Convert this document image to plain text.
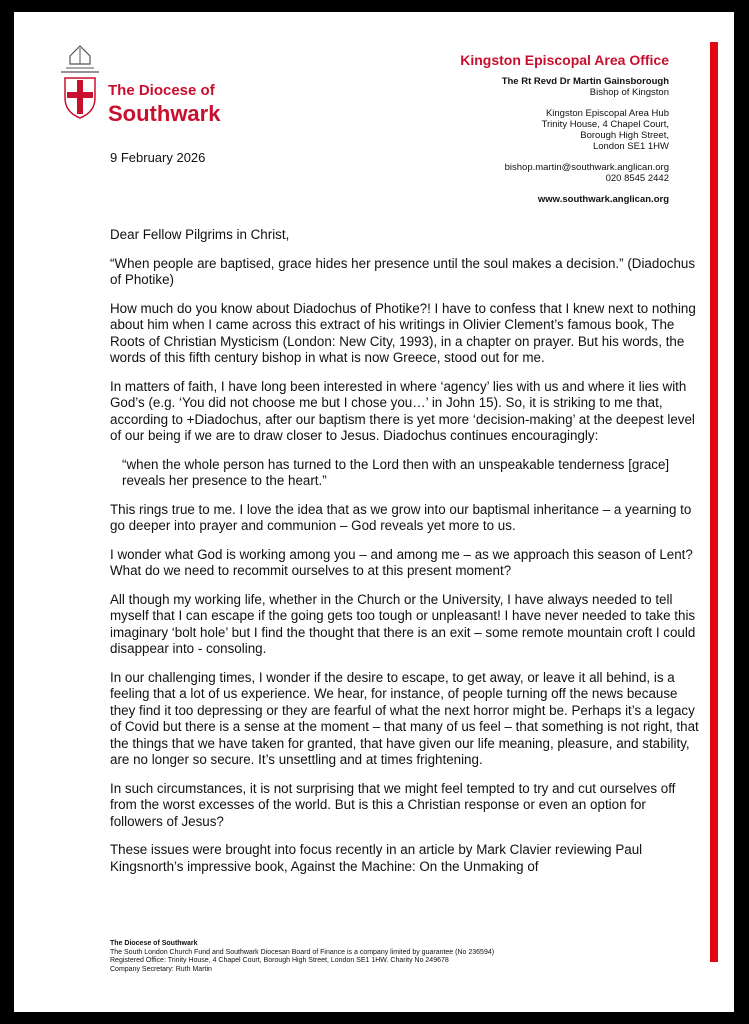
The Diocese of
Southwark
Kingston Episcopal Area Office
The Rt Revd Dr Martin Gainsborough
Bishop of Kingston
Kingston Episcopal Area Hub
Trinity House, 4 Chapel Court,
Borough High Street,
London SE1 1HW
bishop.martin@southwark.anglican.org
020 8545 2442
www.southwark.anglican.org
9 February 2026

Dear Fellow Pilgrims in Christ,

“When people are baptised, grace hides her presence until the soul makes a decision.” (Diadochus of Photike)

How much do you know about Diadochus of Photike?! I have to confess that I knew next to nothing about him when I came across this extract of his writings in Olivier Clement’s famous book, The Roots of Christian Mysticism (London: New City, 1993), in a chapter on prayer. But his words, the words of this fifth century bishop in what is now Greece, stood out for me.

In matters of faith, I have long been interested in where ‘agency’ lies with us and where it lies with God’s (e.g. ‘You did not choose me but I chose you…’ in John 15). So, it is striking to me that, according to +Diadochus, after our baptism there is yet more ‘decision-making’ at the deepest level of our being if we are to draw closer to Jesus. Diadochus continues encouragingly:

“when the whole person has turned to the Lord then with an unspeakable tenderness [grace] reveals her presence to the heart.”

This rings true to me. I love the idea that as we grow into our baptismal inheritance – a yearning to go deeper into prayer and communion – God reveals yet more to us.

I wonder what God is working among you – and among me – as we approach this season of Lent? What do we need to recommit ourselves to at this present moment?

All though my working life, whether in the Church or the University, I have always needed to tell myself that I can escape if the going gets too tough or unpleasant! I have never needed to take this imaginary ‘bolt hole’ but I find the thought that there is an exit – some remote mountain croft I could disappear into - consoling.

In our challenging times, I wonder if the desire to escape, to get away, or leave it all behind, is a feeling that a lot of us experience. We hear, for instance, of people turning off the news because they find it too depressing or they are fearful of what the next horror might be. Perhaps it’s a legacy of Covid but there is a sense at the moment – that many of us feel – that something is not right, that the things that we have taken for granted, that have given our life meaning, pleasure, and stability, are no longer so secure. It’s unsettling and at times frightening.

In such circumstances, it is not surprising that we might feel tempted to try and cut ourselves off from the worst excesses of the world. But is this a Christian response or even an option for followers of Jesus?

These issues were brought into focus recently in an article by Mark Clavier reviewing Paul Kingsnorth’s impressive book, Against the Machine: On the Unmaking of

The Diocese of Southwark
The South London Church Fund and Southwark Diocesan Board of Finance is a company limited by guarantee (No 236594)
Registered Office: Trinity House, 4 Chapel Court, Borough High Street, London SE1 1HW. Charity No 249678
Company Secretary: Ruth Martin
